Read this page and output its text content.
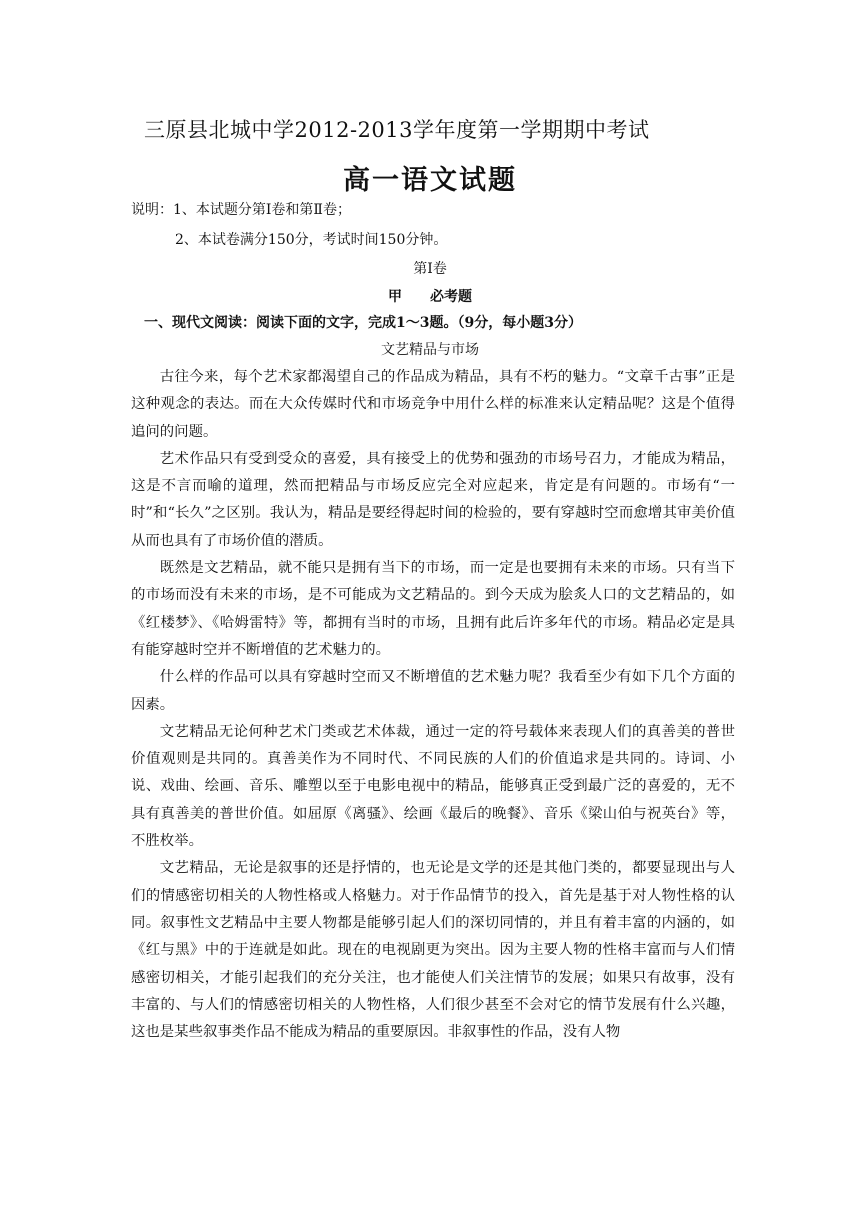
三原县北城中学2012-2013学年度第一学期期中考试
高一语文试题
说明：1、本试题分第Ⅰ卷和第Ⅱ卷；
2、本试卷满分150分，考试时间150分钟。
第Ⅰ卷
甲　　必考题
一、现代文阅读：阅读下面的文字，完成1～3题。（9分，每小题3分）
文艺精品与市场

古往今来，每个艺术家都渴望自己的作品成为精品，具有不朽的魅力。“文章千古事”正是这种观念的表达。而在大众传媒时代和市场竞争中用什么样的标准来认定精品呢？这是个值得追问的问题。

艺术作品只有受到受众的喜爱，具有接受上的优势和强劲的市场号召力，才能成为精品，这是不言而喻的道理，然而把精品与市场反应完全对应起来，肯定是有问题的。市场有“一时”和“长久”之区别。我认为，精品是要经得起时间的检验的，要有穿越时空而愈增其审美价值从而也具有了市场价值的潜质。

既然是文艺精品，就不能只是拥有当下的市场，而一定是也要拥有未来的市场。只有当下的市场而没有未来的市场，是不可能成为文艺精品的。到今天成为脍炙人口的文艺精品的，如《红楼梦》、《哈姆雷特》等，都拥有当时的市场，且拥有此后许多年代的市场。精品必定是具有能穿越时空并不断增值的艺术魅力的。

什么样的作品可以具有穿越时空而又不断增值的艺术魅力呢？我看至少有如下几个方面的因素。

文艺精品无论何种艺术门类或艺术体裁，通过一定的符号载体来表现人们的真善美的普世价值观则是共同的。真善美作为不同时代、不同民族的人们的价值追求是共同的。诗词、小说、戏曲、绘画、音乐、雕塑以至于电影电视中的精品，能够真正受到最广泛的喜爱的，无不具有真善美的普世价值。如屈原《离骚》、绘画《最后的晚餐》、音乐《梁山伯与祝英台》等，不胜枚举。

文艺精品，无论是叙事的还是抒情的，也无论是文学的还是其他门类的，都要显现出与人们的情感密切相关的人物性格或人格魅力。对于作品情节的投入，首先是基于对人物性格的认同。叙事性文艺精品中主要人物都是能够引起人们的深切同情的，并且有着丰富的内涵的，如《红与黑》中的于连就是如此。现在的电视剧更为突出。因为主要人物的性格丰富而与人们情感密切相关，才能引起我们的充分关注，也才能使人们关注情节的发展；如果只有故事，没有丰富的、与人们的情感密切相关的人物性格，人们很少甚至不会对它的情节发展有什么兴趣，这也是某些叙事类作品不能成为精品的重要原因。非叙事性的作品，没有人物
